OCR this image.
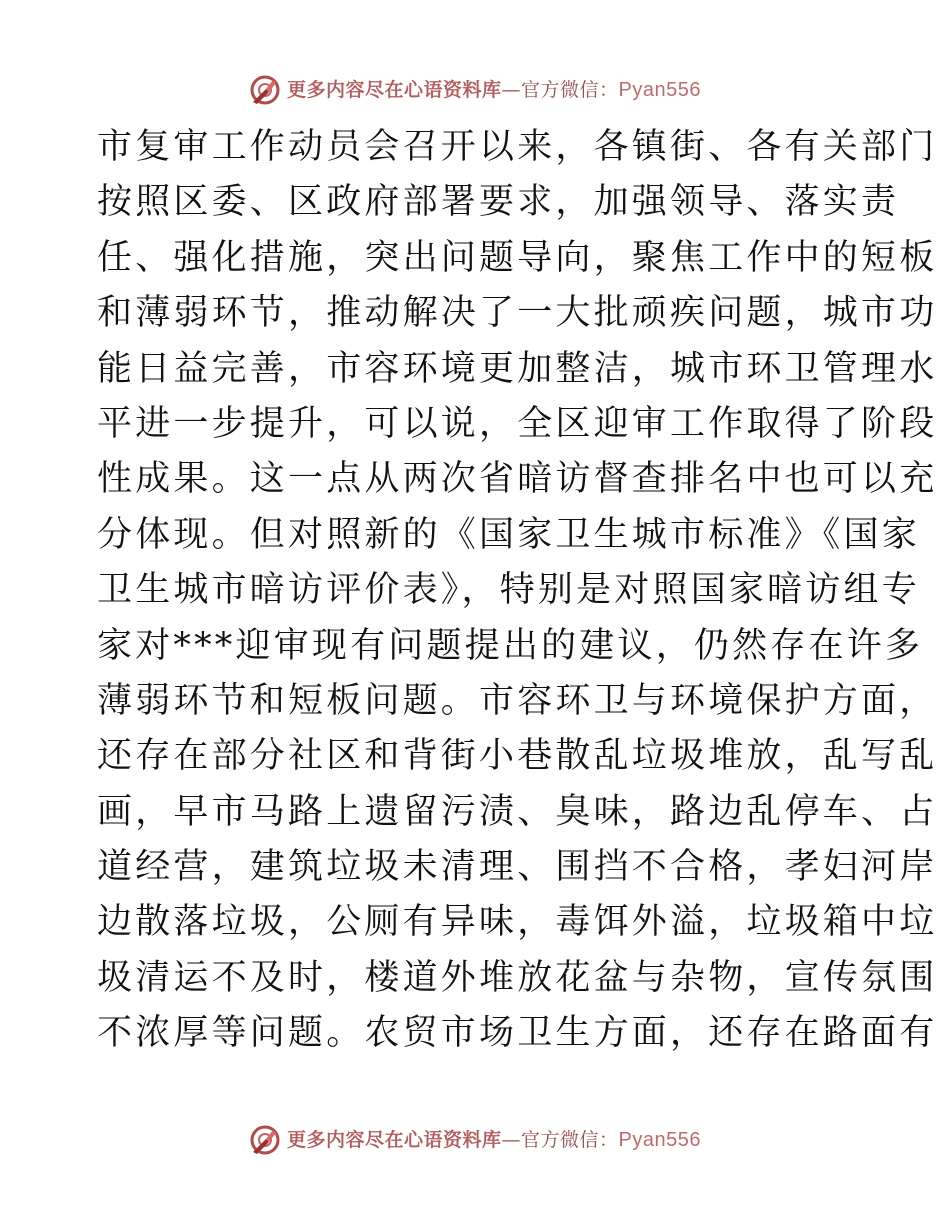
更多内容尽在心语资料库—官方微信：Pyan556
市复审工作动员会召开以来，各镇街、各有关部门
按照区委、区政府部署要求，加强领导、落实责
任、强化措施，突出问题导向，聚焦工作中的短板
和薄弱环节，推动解决了一大批顽疾问题，城市功
能日益完善，市容环境更加整洁，城市环卫管理水
平进一步提升，可以说，全区迎审工作取得了阶段
性成果。这一点从两次省暗访督查排名中也可以充
分体现。但对照新的《国家卫生城市标准》《国家
卫生城市暗访评价表》，特别是对照国家暗访组专
家对***迎审现有问题提出的建议，仍然存在许多
薄弱环节和短板问题。市容环卫与环境保护方面，
还存在部分社区和背街小巷散乱垃圾堆放，乱写乱
画，早市马路上遗留污渍、臭味，路边乱停车、占
道经营，建筑垃圾未清理、围挡不合格，孝妇河岸
边散落垃圾，公厕有异味，毒饵外溢，垃圾箱中垃
圾清运不及时，楼道外堆放花盆与杂物，宣传氛围
不浓厚等问题。农贸市场卫生方面，还存在路面有
更多内容尽在心语资料库—官方微信：Pyan556
